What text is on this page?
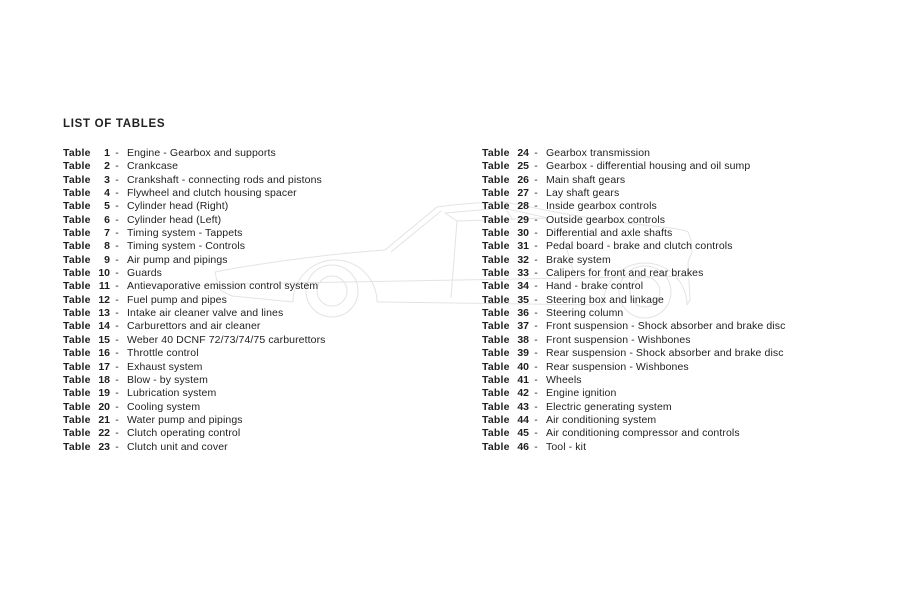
LIST OF TABLES
Table	1 - Engine - Gearbox and supports
Table	2 - Crankcase
Table	3 - Crankshaft - connecting rods and pistons
Table	4 - Flywheel and clutch housing spacer
Table	5 - Cylinder head (Right)
Table	6 - Cylinder head (Left)
Table	7 - Timing system - Tappets
Table	8 - Timing system - Controls
Table	9 - Air pump and pipings
Table 10 - Guards
Table 11 - Antievaporative emission control system
Table 12 - Fuel pump and pipes
Table 13 - Intake air cleaner valve and lines
Table 14 - Carburettors and air cleaner
Table 15 - Weber 40 DCNF 72/73/74/75 carburettors
Table 16 - Throttle control
Table 17 - Exhaust system
Table 18 - Blow - by system
Table 19 - Lubrication system
Table 20 - Cooling system
Table 21 - Water pump and pipings
Table 22 - Clutch operating control
Table 23 - Clutch unit and cover
Table 24 - Gearbox transmission
Table 25 - Gearbox - differential housing and oil sump
Table 26 - Main shaft gears
Table 27 - Lay shaft gears
Table 28 - Inside gearbox controls
Table 29 - Outside gearbox controls
Table 30 - Differential and axle shafts
Table 31 - Pedal board - brake and clutch controls
Table 32 - Brake system
Table 33 - Calipers for front and rear brakes
Table 34 - Hand - brake control
Table 35 - Steering box and linkage
Table 36 - Steering column
Table 37 - Front suspension - Shock absorber and brake disc
Table 38 - Front suspension - Wishbones
Table 39 - Rear suspension - Shock absorber and brake disc
Table 40 - Rear suspension - Wishbones
Table 41 - Wheels
Table 42 - Engine ignition
Table 43 - Electric generating system
Table 44 - Air conditioning system
Table 45 - Air conditioning compressor and controls
Table 46 - Tool - kit
